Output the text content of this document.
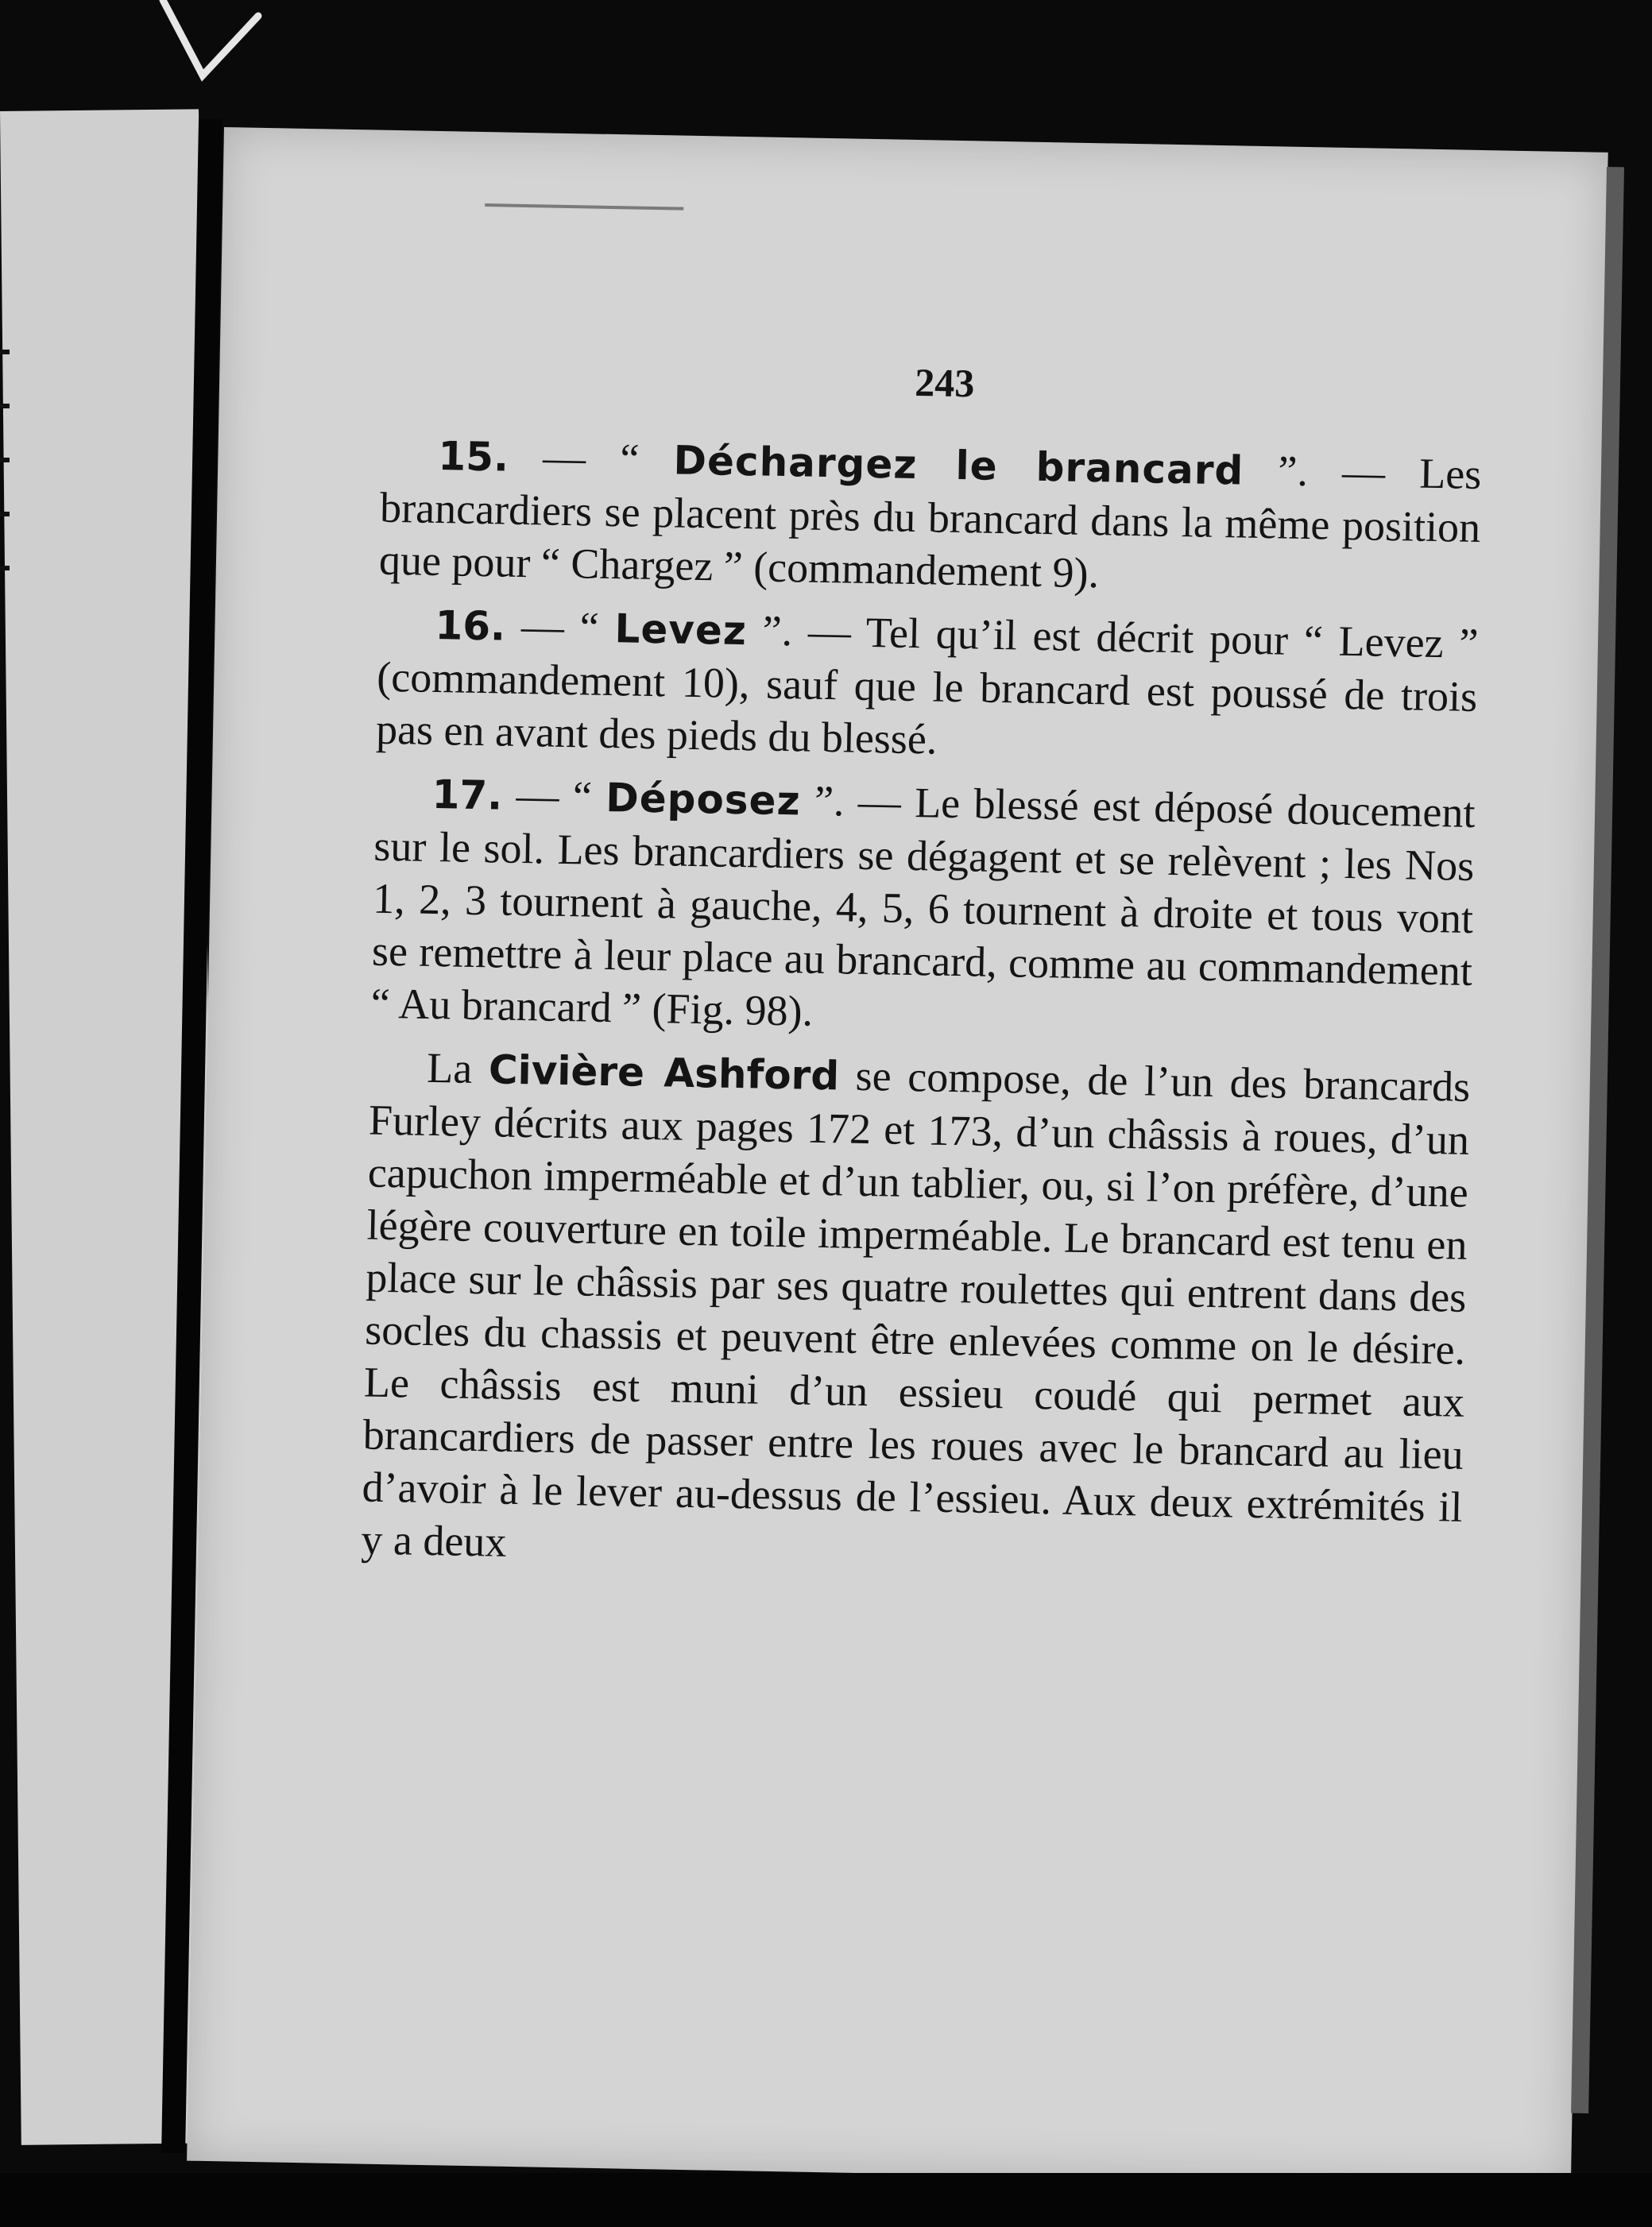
243

15. — “ Déchargez le brancard ”. — Les brancardiers se placent près du brancard dans la même position que pour “ Chargez ” (commandement 9).

16. — “ Levez ”. — Tel qu’il est décrit pour “ Levez ” (commandement 10), sauf que le brancard est poussé de trois pas en avant des pieds du blessé.

17. — “ Déposez ”. — Le blessé est déposé doucement sur le sol. Les brancardiers se dégagent et se relèvent ; les Nos 1, 2, 3 tournent à gauche, 4, 5, 6 tournent à droite et tous vont se remettre à leur place au brancard, comme au commandement “ Au brancard ” (Fig. 98).

La Civière Ashford se compose, de l’un des brancards Furley décrits aux pages 172 et 173, d’un châssis à roues, d’un capuchon imperméable et d’un tablier, ou, si l’on préfère, d’une légère couverture en toile imperméable. Le brancard est tenu en place sur le châssis par ses quatre roulettes qui entrent dans des socles du chassis et peuvent être enlevées comme on le désire. Le châssis est muni d’un essieu coudé qui permet aux brancardiers de passer entre les roues avec le brancard au lieu d’avoir à le lever au-dessus de l’essieu. Aux deux extrémités il y a deux
